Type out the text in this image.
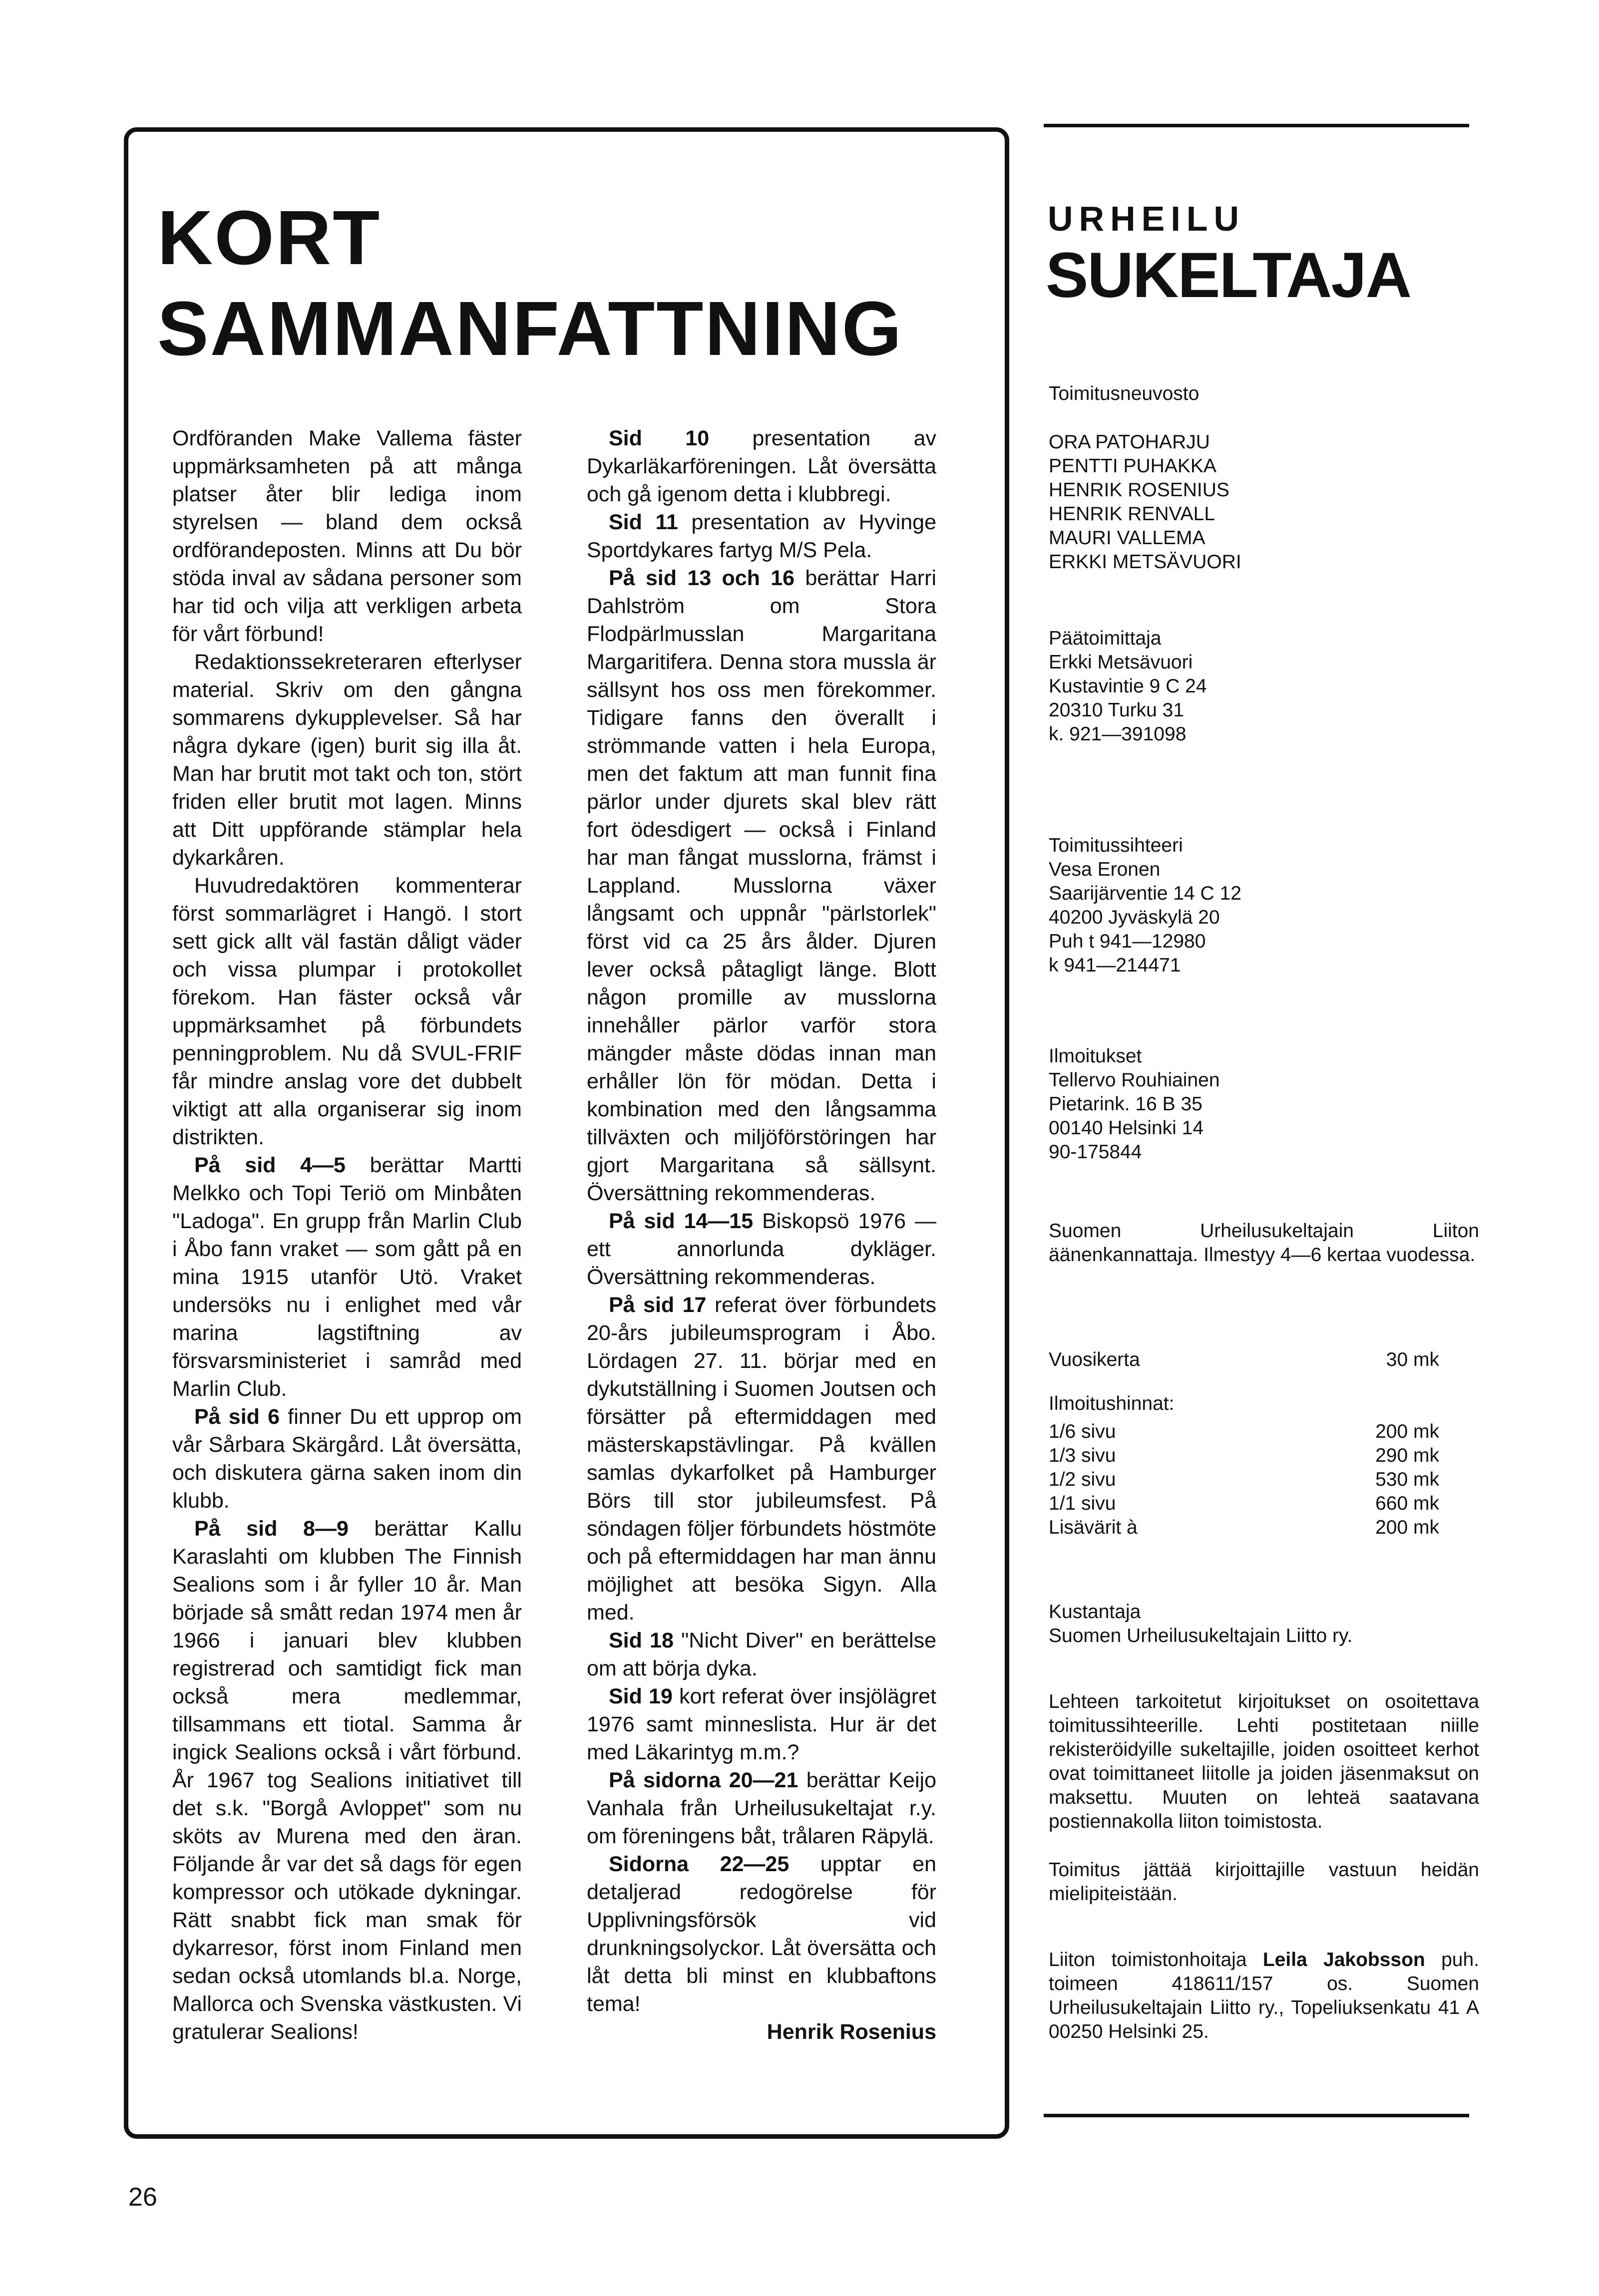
KORT
SAMMANFATTNING

Ordföranden Make Vallema fäster uppmärksamheten på att många platser åter blir lediga inom styrelsen — bland dem också ordförandeposten. Minns att Du bör stöda inval av sådana personer som har tid och vilja att verkligen arbeta för vårt förbund!

Redaktionssekreteraren efterlyser material. Skriv om den gångna sommarens dykupplevelser. Så har några dykare (igen) burit sig illa åt. Man har brutit mot takt och ton, stört friden eller brutit mot lagen. Minns att Ditt uppförande stämplar hela dykarkåren.

Huvudredaktören kommenterar först sommarlägret i Hangö. I stort sett gick allt väl fastän dåligt väder och vissa plumpar i protokollet förekom. Han fäster också vår uppmärksamhet på förbundets penningproblem. Nu då SVUL-FRIF får mindre anslag vore det dubbelt viktigt att alla organiserar sig inom distrikten.

På sid 4—5 berättar Martti Melkko och Topi Teriö om Minbåten "Ladoga". En grupp från Marlin Club i Åbo fann vraket — som gått på en mina 1915 utanför Utö. Vraket undersöks nu i enlighet med vår marina lagstiftning av försvarsministeriet i samråd med Marlin Club.

På sid 6 finner Du ett upprop om vår Sårbara Skärgård. Låt översätta, och diskutera gärna saken inom din klubb.

På sid 8—9 berättar Kallu Karaslahti om klubben The Finnish Sealions som i år fyller 10 år. Man började så smått redan 1974 men år 1966 i januari blev klubben registrerad och samtidigt fick man också mera medlemmar, tillsammans ett tiotal. Samma år ingick Sealions också i vårt förbund. År 1967 tog Sealions initiativet till det s.k. "Borgå Avloppet" som nu sköts av Murena med den äran. Följande år var det så dags för egen kompressor och utökade dykningar. Rätt snabbt fick man smak för dykarresor, först inom Finland men sedan också utomlands bl.a. Norge, Mallorca och Svenska västkusten. Vi gratulerar Sealions!

Sid 10 presentation av Dykarläkarföreningen. Låt översätta och gå igenom detta i klubbregi.

Sid 11 presentation av Hyvinge Sportdykares fartyg M/S Pela.

På sid 13 och 16 berättar Harri Dahlström om Stora Flodpärlmusslan Margaritana Margaritifera. Denna stora mussla är sällsynt hos oss men förekommer. Tidigare fanns den överallt i strömmande vatten i hela Europa, men det faktum att man funnit fina pärlor under djurets skal blev rätt fort ödesdigert — också i Finland har man fångat musslorna, främst i Lappland. Musslorna växer långsamt och uppnår "pärlstorlek" först vid ca 25 års ålder. Djuren lever också påtagligt länge. Blott någon promille av musslorna innehåller pärlor varför stora mängder måste dödas innan man erhåller lön för mödan. Detta i kombination med den långsamma tillväxten och miljöförstöringen har gjort Margaritana så sällsynt. Översättning rekommenderas.

På sid 14—15 Biskopsö 1976 — ett annorlunda dykläger. Översättning rekommenderas.

På sid 17 referat över förbundets 20-års jubileumsprogram i Åbo. Lördagen 27. 11. börjar med en dykutställning i Suomen Joutsen och försätter på eftermiddagen med mästerskapstävlingar. På kvällen samlas dykarfolket på Hamburger Börs till stor jubileumsfest. På söndagen följer förbundets höstmöte och på eftermiddagen har man ännu möjlighet att besöka Sigyn. Alla med.

Sid 18 "Nicht Diver" en berättelse om att börja dyka.

Sid 19 kort referat över insjölägret 1976 samt minneslista. Hur är det med Läkarintyg m.m.?

På sidorna 20—21 berättar Keijo Vanhala från Urheilusukeltajat r.y. om föreningens båt, trålaren Räpylä.

Sidorna 22—25 upptar en detaljerad redogörelse för Upplivningsförsök vid drunkningsolyckor. Låt översätta och låt detta bli minst en klubbaftons tema!

Henrik Rosenius

URHEILU
SUKELTAJA
Toimitusneuvosto
ORA PATOHARJU
PENTTI PUHAKKA
HENRIK ROSENIUS
HENRIK RENVALL
MAURI VALLEMA
ERKKI METSÄVUORI
Päätoimittaja
Erkki Metsävuori
Kustavintie 9 C 24
20310 Turku 31
k. 921—391098
Toimitussihteeri
Vesa Eronen
Saarijärventie 14 C 12
40200 Jyväskylä 20
Puh t 941—12980
k 941—214471
Ilmoitukset
Tellervo Rouhiainen
Pietarink. 16 B 35
00140 Helsinki 14
90-175844
Suomen Urheilusukeltajain Liiton äänenkannattaja. Ilmestyy 4—6 kertaa vuodessa.
Vuosikerta	30 mk
Ilmoitushinnat:
1/6 sivu	200 mk
1/3 sivu	290 mk
1/2 sivu	530 mk
1/1 sivu	660 mk
Lisävärit à	200 mk
Kustantaja
Suomen Urheilusukeltajain Liitto ry.
Lehteen tarkoitetut kirjoitukset on osoitettava toimitussihteerille. Lehti postitetaan niille rekisteröidyille sukeltajille, joiden osoitteet kerhot ovat toimittaneet liitolle ja joiden jäsenmaksut on maksettu. Muuten on lehteä saatavana postiennakolla liiton toimistosta.
Toimitus jättää kirjoittajille vastuun heidän mielipiteistään.
Liiton toimistonhoitaja Leila Jakobsson puh. toimeen 418611/157 os. Suomen Urheilusukeltajain Liitto ry., Topeliuksenkatu 41 A 00250 Helsinki 25.
26
